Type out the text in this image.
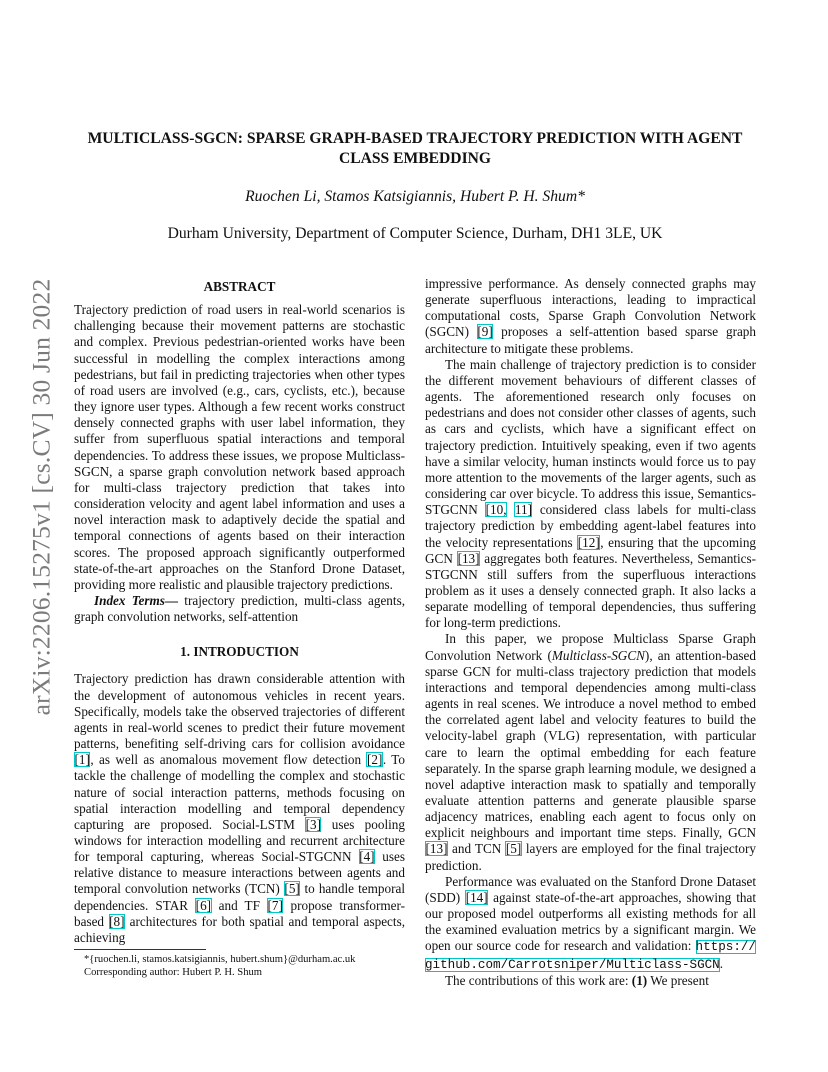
arXiv:2206.15275v1 [cs.CV] 30 Jun 2022
MULTICLASS-SGCN: SPARSE GRAPH-BASED TRAJECTORY PREDICTION WITH AGENT CLASS EMBEDDING
Ruochen Li, Stamos Katsigiannis, Hubert P. H. Shum*
Durham University, Department of Computer Science, Durham, DH1 3LE, UK
ABSTRACT

Trajectory prediction of road users in real-world scenarios is challenging because their movement patterns are stochastic and complex. Previous pedestrian-oriented works have been successful in modelling the complex interactions among pedestrians, but fail in predicting trajectories when other types of road users are involved (e.g., cars, cyclists, etc.), because they ignore user types. Although a few recent works construct densely connected graphs with user label information, they suffer from superfluous spatial interactions and temporal dependencies. To address these issues, we propose Multiclass-SGCN, a sparse graph convolution network based approach for multi-class trajectory prediction that takes into consideration velocity and agent label information and uses a novel interaction mask to adaptively decide the spatial and temporal connections of agents based on their interaction scores. The proposed approach significantly outperformed state-of-the-art approaches on the Stanford Drone Dataset, providing more realistic and plausible trajectory predictions.

Index Terms— trajectory prediction, multi-class agents, graph convolution networks, self-attention

1. INTRODUCTION

Trajectory prediction has drawn considerable attention with the development of autonomous vehicles in recent years. Specifically, models take the observed trajectories of different agents in real-world scenes to predict their future movement patterns, benefiting self-driving cars for collision avoidance [1], as well as anomalous movement flow detection [2]. To tackle the challenge of modelling the complex and stochastic nature of social interaction patterns, methods focusing on spatial interaction modelling and temporal dependency capturing are proposed. Social-LSTM [3] uses pooling windows for interaction modelling and recurrent architecture for temporal capturing, whereas Social-STGCNN [4] uses relative distance to measure interactions between agents and temporal convolution networks (TCN) [5] to handle temporal dependencies. STAR [6] and TF [7] propose transformer-based [8] architectures for both spatial and temporal aspects, achieving

impressive performance. As densely connected graphs may generate superfluous interactions, leading to impractical computational costs, Sparse Graph Convolution Network (SGCN) [9] proposes a self-attention based sparse graph architecture to mitigate these problems.

The main challenge of trajectory prediction is to consider the different movement behaviours of different classes of agents. The aforementioned research only focuses on pedestrians and does not consider other classes of agents, such as cars and cyclists, which have a significant effect on trajectory prediction. Intuitively speaking, even if two agents have a similar velocity, human instincts would force us to pay more attention to the movements of the larger agents, such as considering car over bicycle. To address this issue, Semantics-STGCNN [10, 11] considered class labels for multi-class trajectory prediction by embedding agent-label features into the velocity representations [12], ensuring that the upcoming GCN [13] aggregates both features. Nevertheless, Semantics-STGCNN still suffers from the superfluous interactions problem as it uses a densely connected graph. It also lacks a separate modelling of temporal dependencies, thus suffering for long-term predictions.

In this paper, we propose Multiclass Sparse Graph Convolution Network (Multiclass-SGCN), an attention-based sparse GCN for multi-class trajectory prediction that models interactions and temporal dependencies among multi-class agents in real scenes. We introduce a novel method to embed the correlated agent label and velocity features to build the velocity-label graph (VLG) representation, with particular care to learn the optimal embedding for each feature separately. In the sparse graph learning module, we designed a novel adaptive interaction mask to spatially and temporally evaluate attention patterns and generate plausible sparse adjacency matrices, enabling each agent to focus only on explicit neighbours and important time steps. Finally, GCN [13] and TCN [5] layers are employed for the final trajectory prediction.

Performance was evaluated on the Stanford Drone Dataset (SDD) [14] against state-of-the-art approaches, showing that our proposed model outperforms all existing methods for all the examined evaluation metrics by a significant margin. We open our source code for research and validation: https:// github.com/Carrotsniper/Multiclass-SGCN.

The contributions of this work are: (1) We present

*{ruochen.li, stamos.katsigiannis, hubert.shum}@durham.ac.uk
Corresponding author: Hubert P. H. Shum
